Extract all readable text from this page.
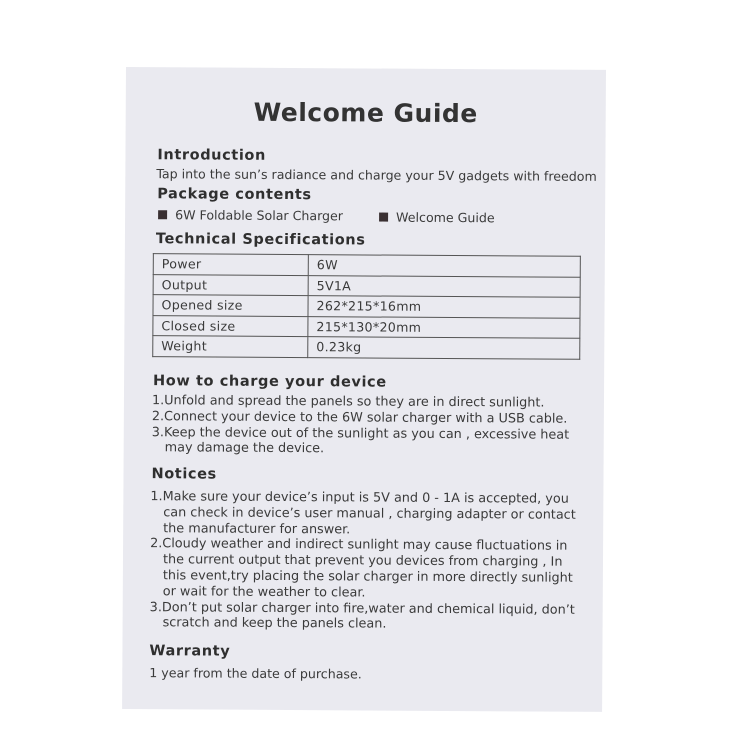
Welcome Guide
Introduction
Tap into the sun’s radiance and charge your 5V gadgets with freedom
Package contents
6W Foldable Solar Charger	Welcome Guide
Technical Specifications
Power	6W
Output	5V1A
Opened size	262*215*16mm
Closed size	215*130*20mm
Weight	0.23kg
How to charge your device
1.Unfold and spread the panels so they are in direct sunlight.
2.Connect your device to the 6W solar charger with a USB cable.
3.Keep the device out of the sunlight as you can , excessive heat
may damage the device.
Notices
1.Make sure your device’s input is 5V and 0 - 1A is accepted, you
can check in device’s user manual , charging adapter or contact
the manufacturer for answer.
2.Cloudy weather and indirect sunlight may cause fluctuations in
the current output that prevent you devices from charging , In
this event,try placing the solar charger in more directly sunlight
or wait for the weather to clear.
3.Don’t put solar charger into fire,water and chemical liquid, don’t
scratch and keep the panels clean.
Warranty
1 year from the date of purchase.
